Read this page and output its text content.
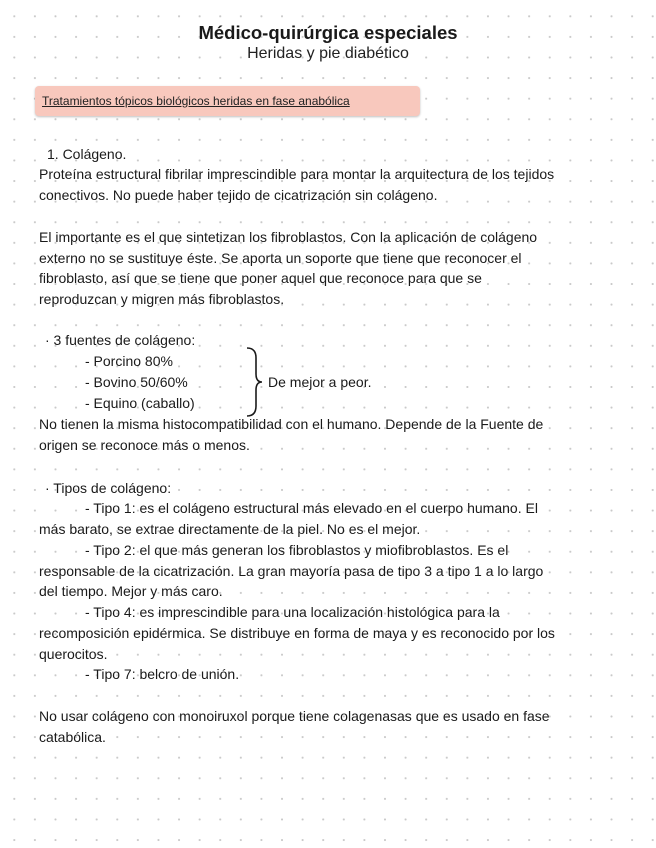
Médico-quirúrgica especiales
Heridas y pie diabético
Tratamientos tópicos biológicos heridas en fase anabólica
1. Colágeno.
Proteína estructural fibrilar imprescindible para montar la arquitectura de los tejidos
conectivos. No puede haber tejido de cicatrización sin colágeno.
El importante es el que sintetizan los fibroblastos. Con la aplicación de colágeno
externo no se sustituye éste. Se aporta un soporte que tiene que reconocer el
fibroblasto, así que se tiene que poner aquel que reconoce para que se
reproduzcan y migren más fibroblastos.
· 3 fuentes de colágeno:
- Porcino 80%
- Bovino 50/60%
- Equino (caballo)
De mejor a peor.
No tienen la misma histocompatibilidad con el humano. Depende de la Fuente de
origen se reconoce más o menos.
· Tipos de colágeno:
- Tipo 1: es el colágeno estructural más elevado en el cuerpo humano. El
más barato, se extrae directamente de la piel. No es el mejor.
- Tipo 2: el que más generan los fibroblastos y miofibroblastos. Es el
responsable de la cicatrización. La gran mayoría pasa de tipo 3 a tipo 1 a lo largo
del tiempo. Mejor y más caro.
- Tipo 4: es imprescindible para una localización histológica para la
recomposición epidérmica. Se distribuye en forma de maya y es reconocido por los
querocitos.
- Tipo 7: belcro de unión.
No usar colágeno con monoiruxol porque tiene colagenasas que es usado en fase
catabólica.
